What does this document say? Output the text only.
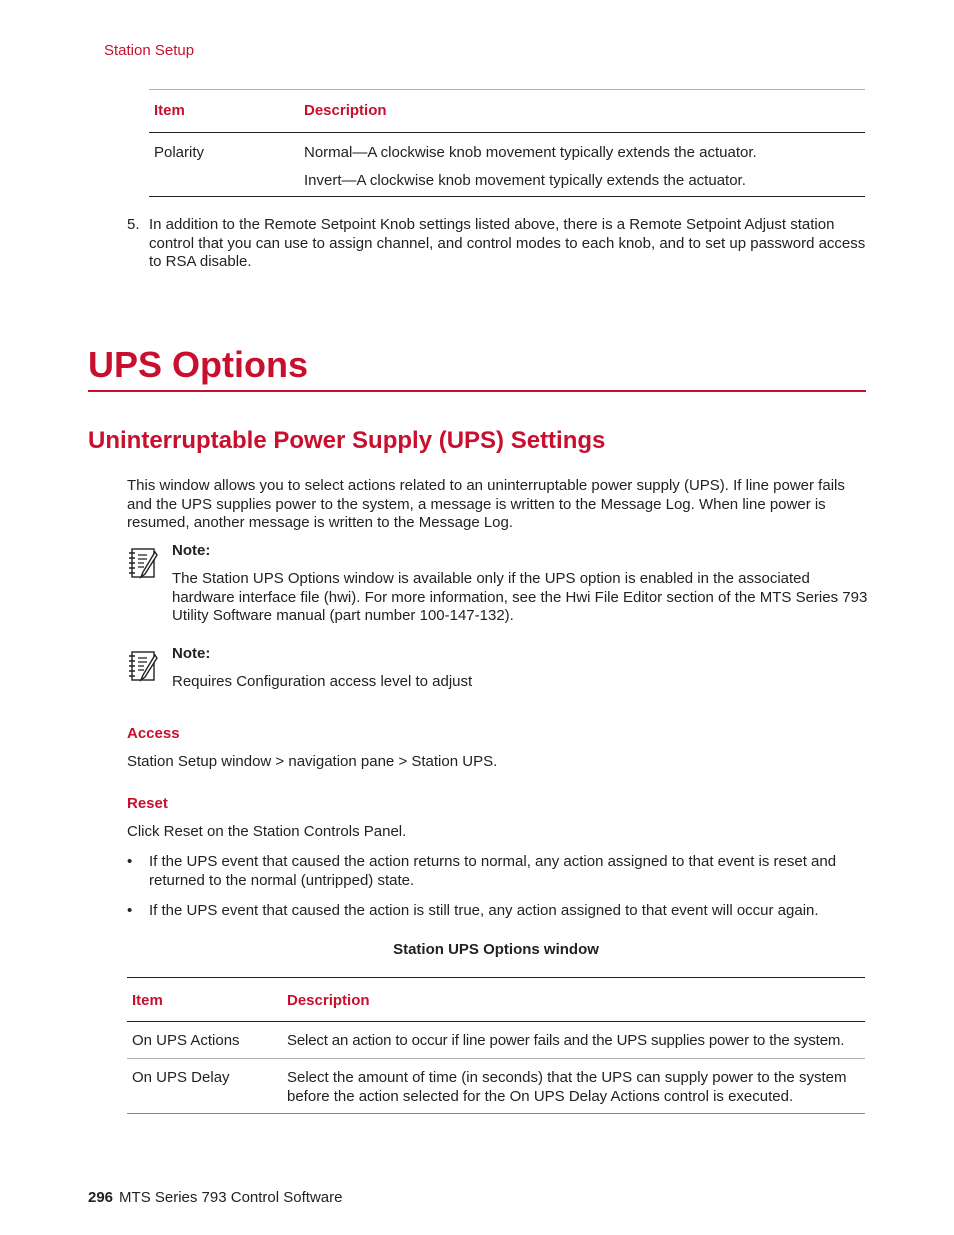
Station Setup
Item	Description
Polarity	Normal—A clockwise knob movement typically extends the actuator.
Invert—A clockwise knob movement typically extends the actuator.
5. In addition to the Remote Setpoint Knob settings listed above, there is a Remote Setpoint Adjust station control that you can use to assign channel, and control modes to each knob, and to set up password access to RSA disable.
UPS Options
Uninterruptable Power Supply (UPS) Settings
This window allows you to select actions related to an uninterruptable power supply (UPS). If line power fails and the UPS supplies power to the system, a message is written to the Message Log. When line power is resumed, another message is written to the Message Log.
Note:
The Station UPS Options window is available only if the UPS option is enabled in the associated hardware interface file (hwi). For more information, see the Hwi File Editor section of the MTS Series 793 Utility Software manual (part number 100-147-132).
Note:
Requires Configuration access level to adjust
Access
Station Setup window > navigation pane > Station UPS.
Reset
Click Reset on the Station Controls Panel.
• If the UPS event that caused the action returns to normal, any action assigned to that event is reset and returned to the normal (untripped) state.
• If the UPS event that caused the action is still true, any action assigned to that event will occur again.
Station UPS Options window
Item	Description
On UPS Actions	Select an action to occur if line power fails and the UPS supplies power to the system.
On UPS Delay	Select the amount of time (in seconds) that the UPS can supply power to the system before the action selected for the On UPS Delay Actions control is executed.
296 MTS Series 793 Control Software
